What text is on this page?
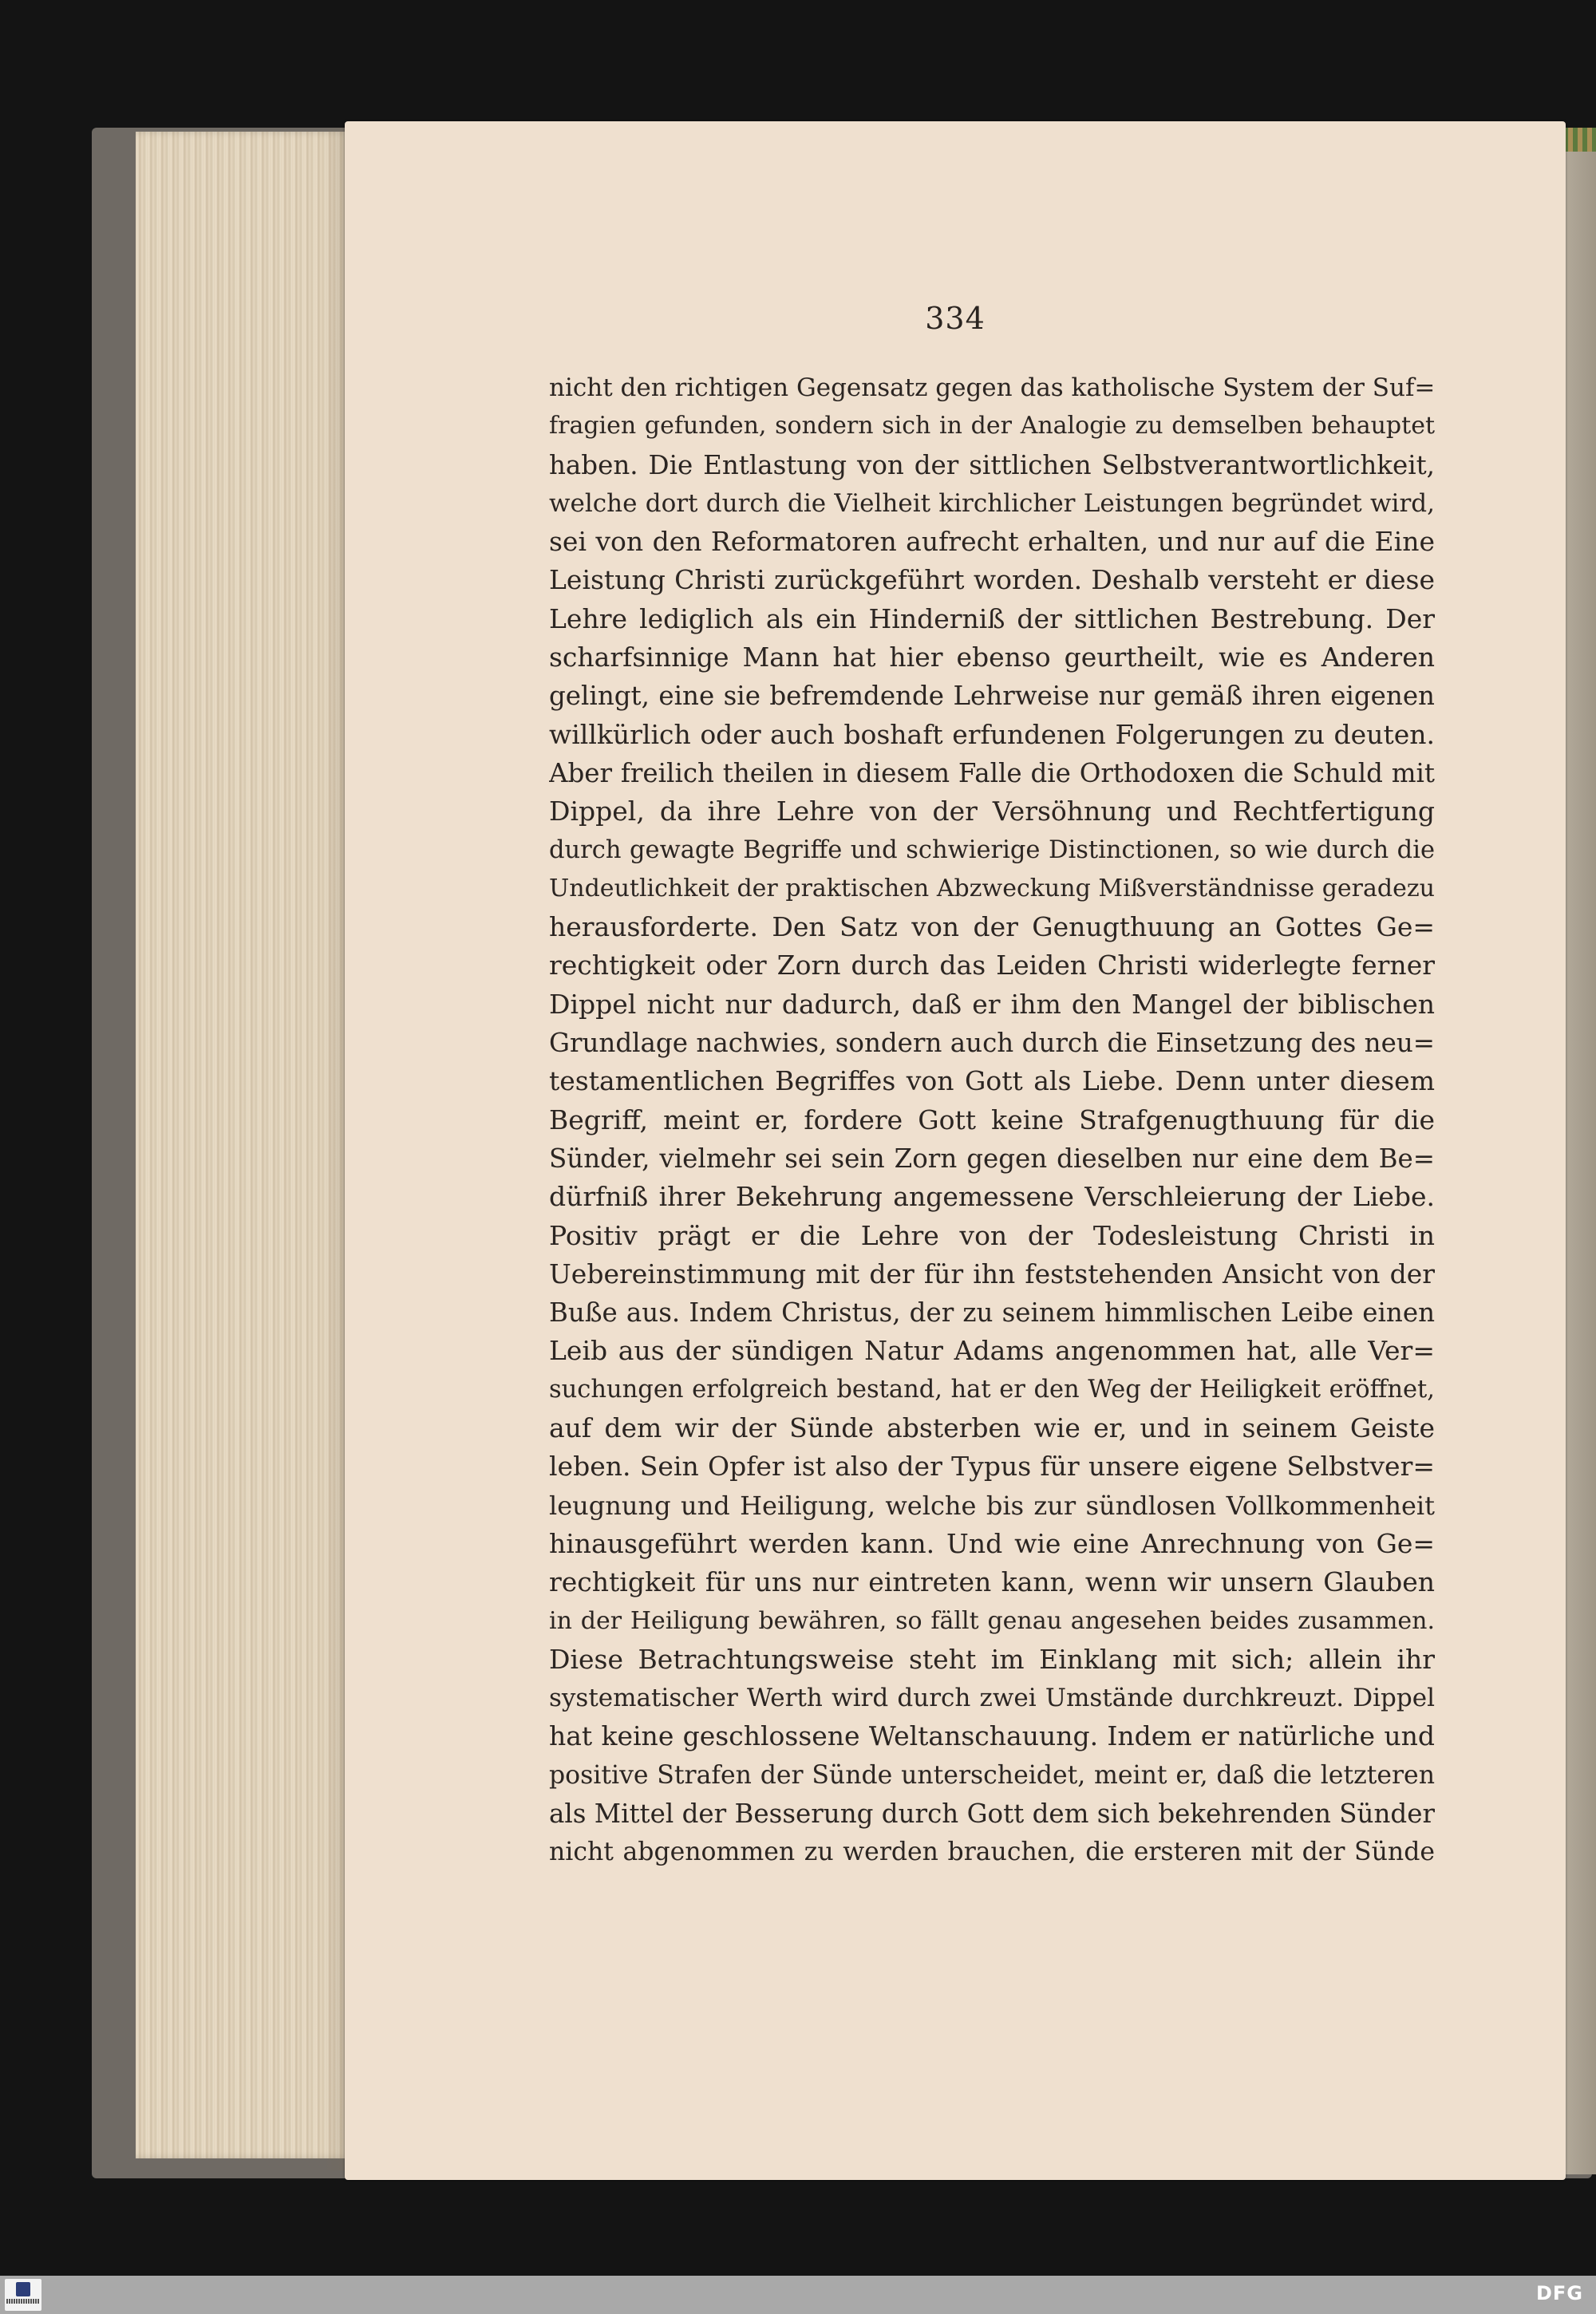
334
nicht den richtigen Gegensatz gegen das katholische System der Suf=
fragien gefunden, sondern sich in der Analogie zu demselben behauptet
haben. Die Entlastung von der sittlichen Selbstverantwortlichkeit,
welche dort durch die Vielheit kirchlicher Leistungen begründet wird,
sei von den Reformatoren aufrecht erhalten, und nur auf die Eine
Leistung Christi zurückgeführt worden. Deshalb versteht er diese
Lehre lediglich als ein Hinderniß der sittlichen Bestrebung. Der
scharfsinnige Mann hat hier ebenso geurtheilt, wie es Anderen
gelingt, eine sie befremdende Lehrweise nur gemäß ihren eigenen
willkürlich oder auch boshaft erfundenen Folgerungen zu deuten.
Aber freilich theilen in diesem Falle die Orthodoxen die Schuld mit
Dippel, da ihre Lehre von der Versöhnung und Rechtfertigung
durch gewagte Begriffe und schwierige Distinctionen, so wie durch die
Undeutlichkeit der praktischen Abzweckung Mißverständnisse geradezu
herausforderte. Den Satz von der Genugthuung an Gottes Ge=
rechtigkeit oder Zorn durch das Leiden Christi widerlegte ferner
Dippel nicht nur dadurch, daß er ihm den Mangel der biblischen
Grundlage nachwies, sondern auch durch die Einsetzung des neu=
testamentlichen Begriffes von Gott als Liebe. Denn unter diesem
Begriff, meint er, fordere Gott keine Strafgenugthuung für die
Sünder, vielmehr sei sein Zorn gegen dieselben nur eine dem Be=
dürfniß ihrer Bekehrung angemessene Verschleierung der Liebe.
Positiv prägt er die Lehre von der Todesleistung Christi in
Uebereinstimmung mit der für ihn feststehenden Ansicht von der
Buße aus. Indem Christus, der zu seinem himmlischen Leibe einen
Leib aus der sündigen Natur Adams angenommen hat, alle Ver=
suchungen erfolgreich bestand, hat er den Weg der Heiligkeit eröffnet,
auf dem wir der Sünde absterben wie er, und in seinem Geiste
leben. Sein Opfer ist also der Typus für unsere eigene Selbstver=
leugnung und Heiligung, welche bis zur sündlosen Vollkommenheit
hinausgeführt werden kann. Und wie eine Anrechnung von Ge=
rechtigkeit für uns nur eintreten kann, wenn wir unsern Glauben
in der Heiligung bewähren, so fällt genau angesehen beides zusammen.
Diese Betrachtungsweise steht im Einklang mit sich; allein ihr
systematischer Werth wird durch zwei Umstände durchkreuzt. Dippel
hat keine geschlossene Weltanschauung. Indem er natürliche und
positive Strafen der Sünde unterscheidet, meint er, daß die letzteren
als Mittel der Besserung durch Gott dem sich bekehrenden Sünder
nicht abgenommen zu werden brauchen, die ersteren mit der Sünde
DFG
